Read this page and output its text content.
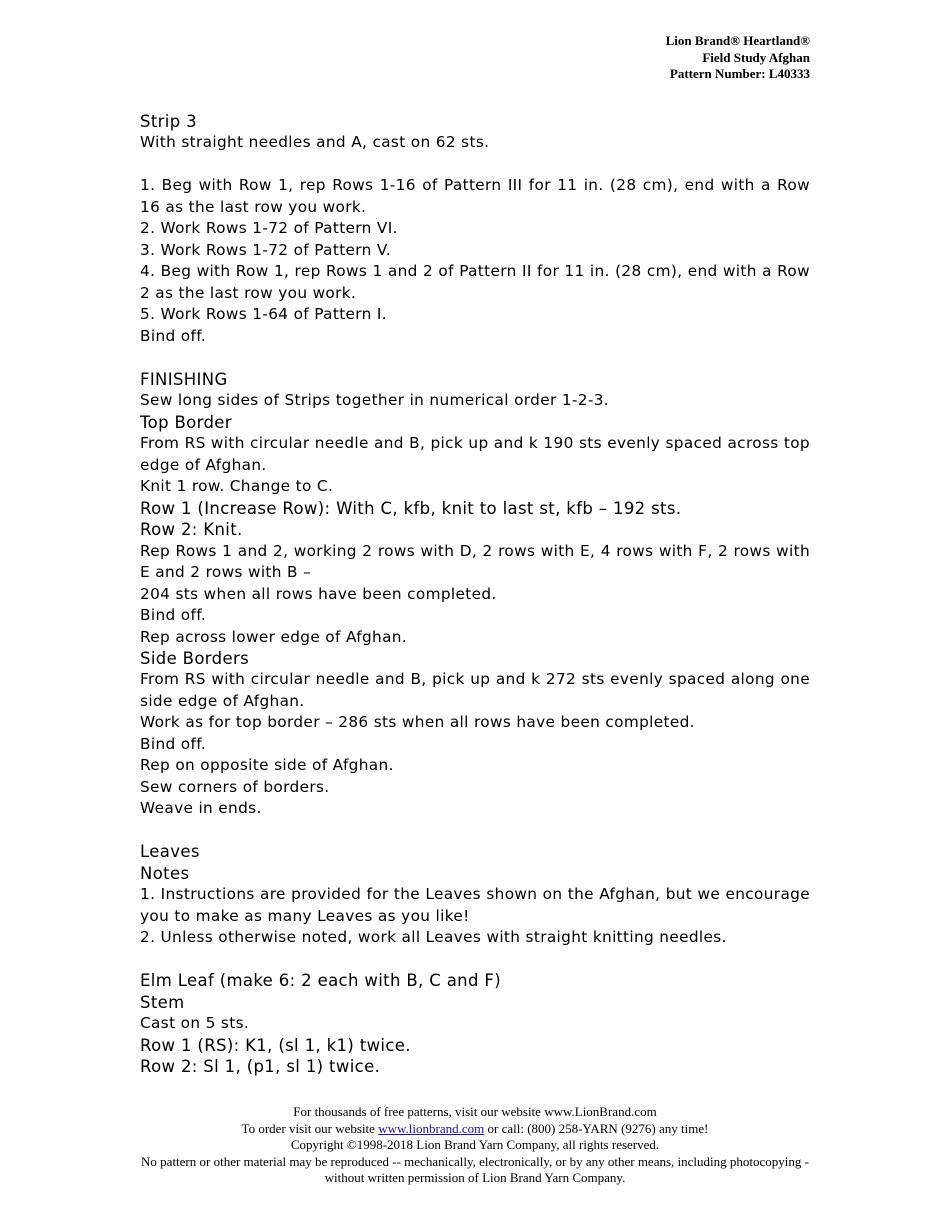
Lion Brand® Heartland®
Field Study Afghan
Pattern Number: L40333
Strip 3
With straight needles and A, cast on 62 sts.
1. Beg with Row 1, rep Rows 1-16 of Pattern III for 11 in. (28 cm), end with a Row 16 as the last row you work.
2. Work Rows 1-72 of Pattern VI.
3. Work Rows 1-72 of Pattern V.
4. Beg with Row 1, rep Rows 1 and 2 of Pattern II for 11 in. (28 cm), end with a Row 2 as the last row you work.
5. Work Rows 1-64 of Pattern I.
Bind off.
FINISHING
Sew long sides of Strips together in numerical order 1-2-3.
Top Border
From RS with circular needle and B, pick up and k 190 sts evenly spaced across top edge of Afghan.
Knit 1 row. Change to C.
Row 1 (Increase Row): With C, kfb, knit to last st, kfb – 192 sts.
Row 2: Knit.
Rep Rows 1 and 2, working 2 rows with D, 2 rows with E, 4 rows with F, 2 rows with E and 2 rows with B –
204 sts when all rows have been completed.
Bind off.
Rep across lower edge of Afghan.
Side Borders
From RS with circular needle and B, pick up and k 272 sts evenly spaced along one side edge of Afghan.
Work as for top border – 286 sts when all rows have been completed.
Bind off.
Rep on opposite side of Afghan.
Sew corners of borders.
Weave in ends.
Leaves
Notes
1. Instructions are provided for the Leaves shown on the Afghan, but we encourage you to make as many Leaves as you like!
2. Unless otherwise noted, work all Leaves with straight knitting needles.
Elm Leaf (make 6: 2 each with B, C and F)
Stem
Cast on 5 sts.
Row 1 (RS): K1, (sl 1, k1) twice.
Row 2: Sl 1, (p1, sl 1) twice.
For thousands of free patterns, visit our website www.LionBrand.com
To order visit our website www.lionbrand.com or call: (800) 258-YARN (9276) any time!
Copyright ©1998-2018 Lion Brand Yarn Company, all rights reserved.
No pattern or other material may be reproduced -- mechanically, electronically, or by any other means, including photocopying - without written permission of Lion Brand Yarn Company.
